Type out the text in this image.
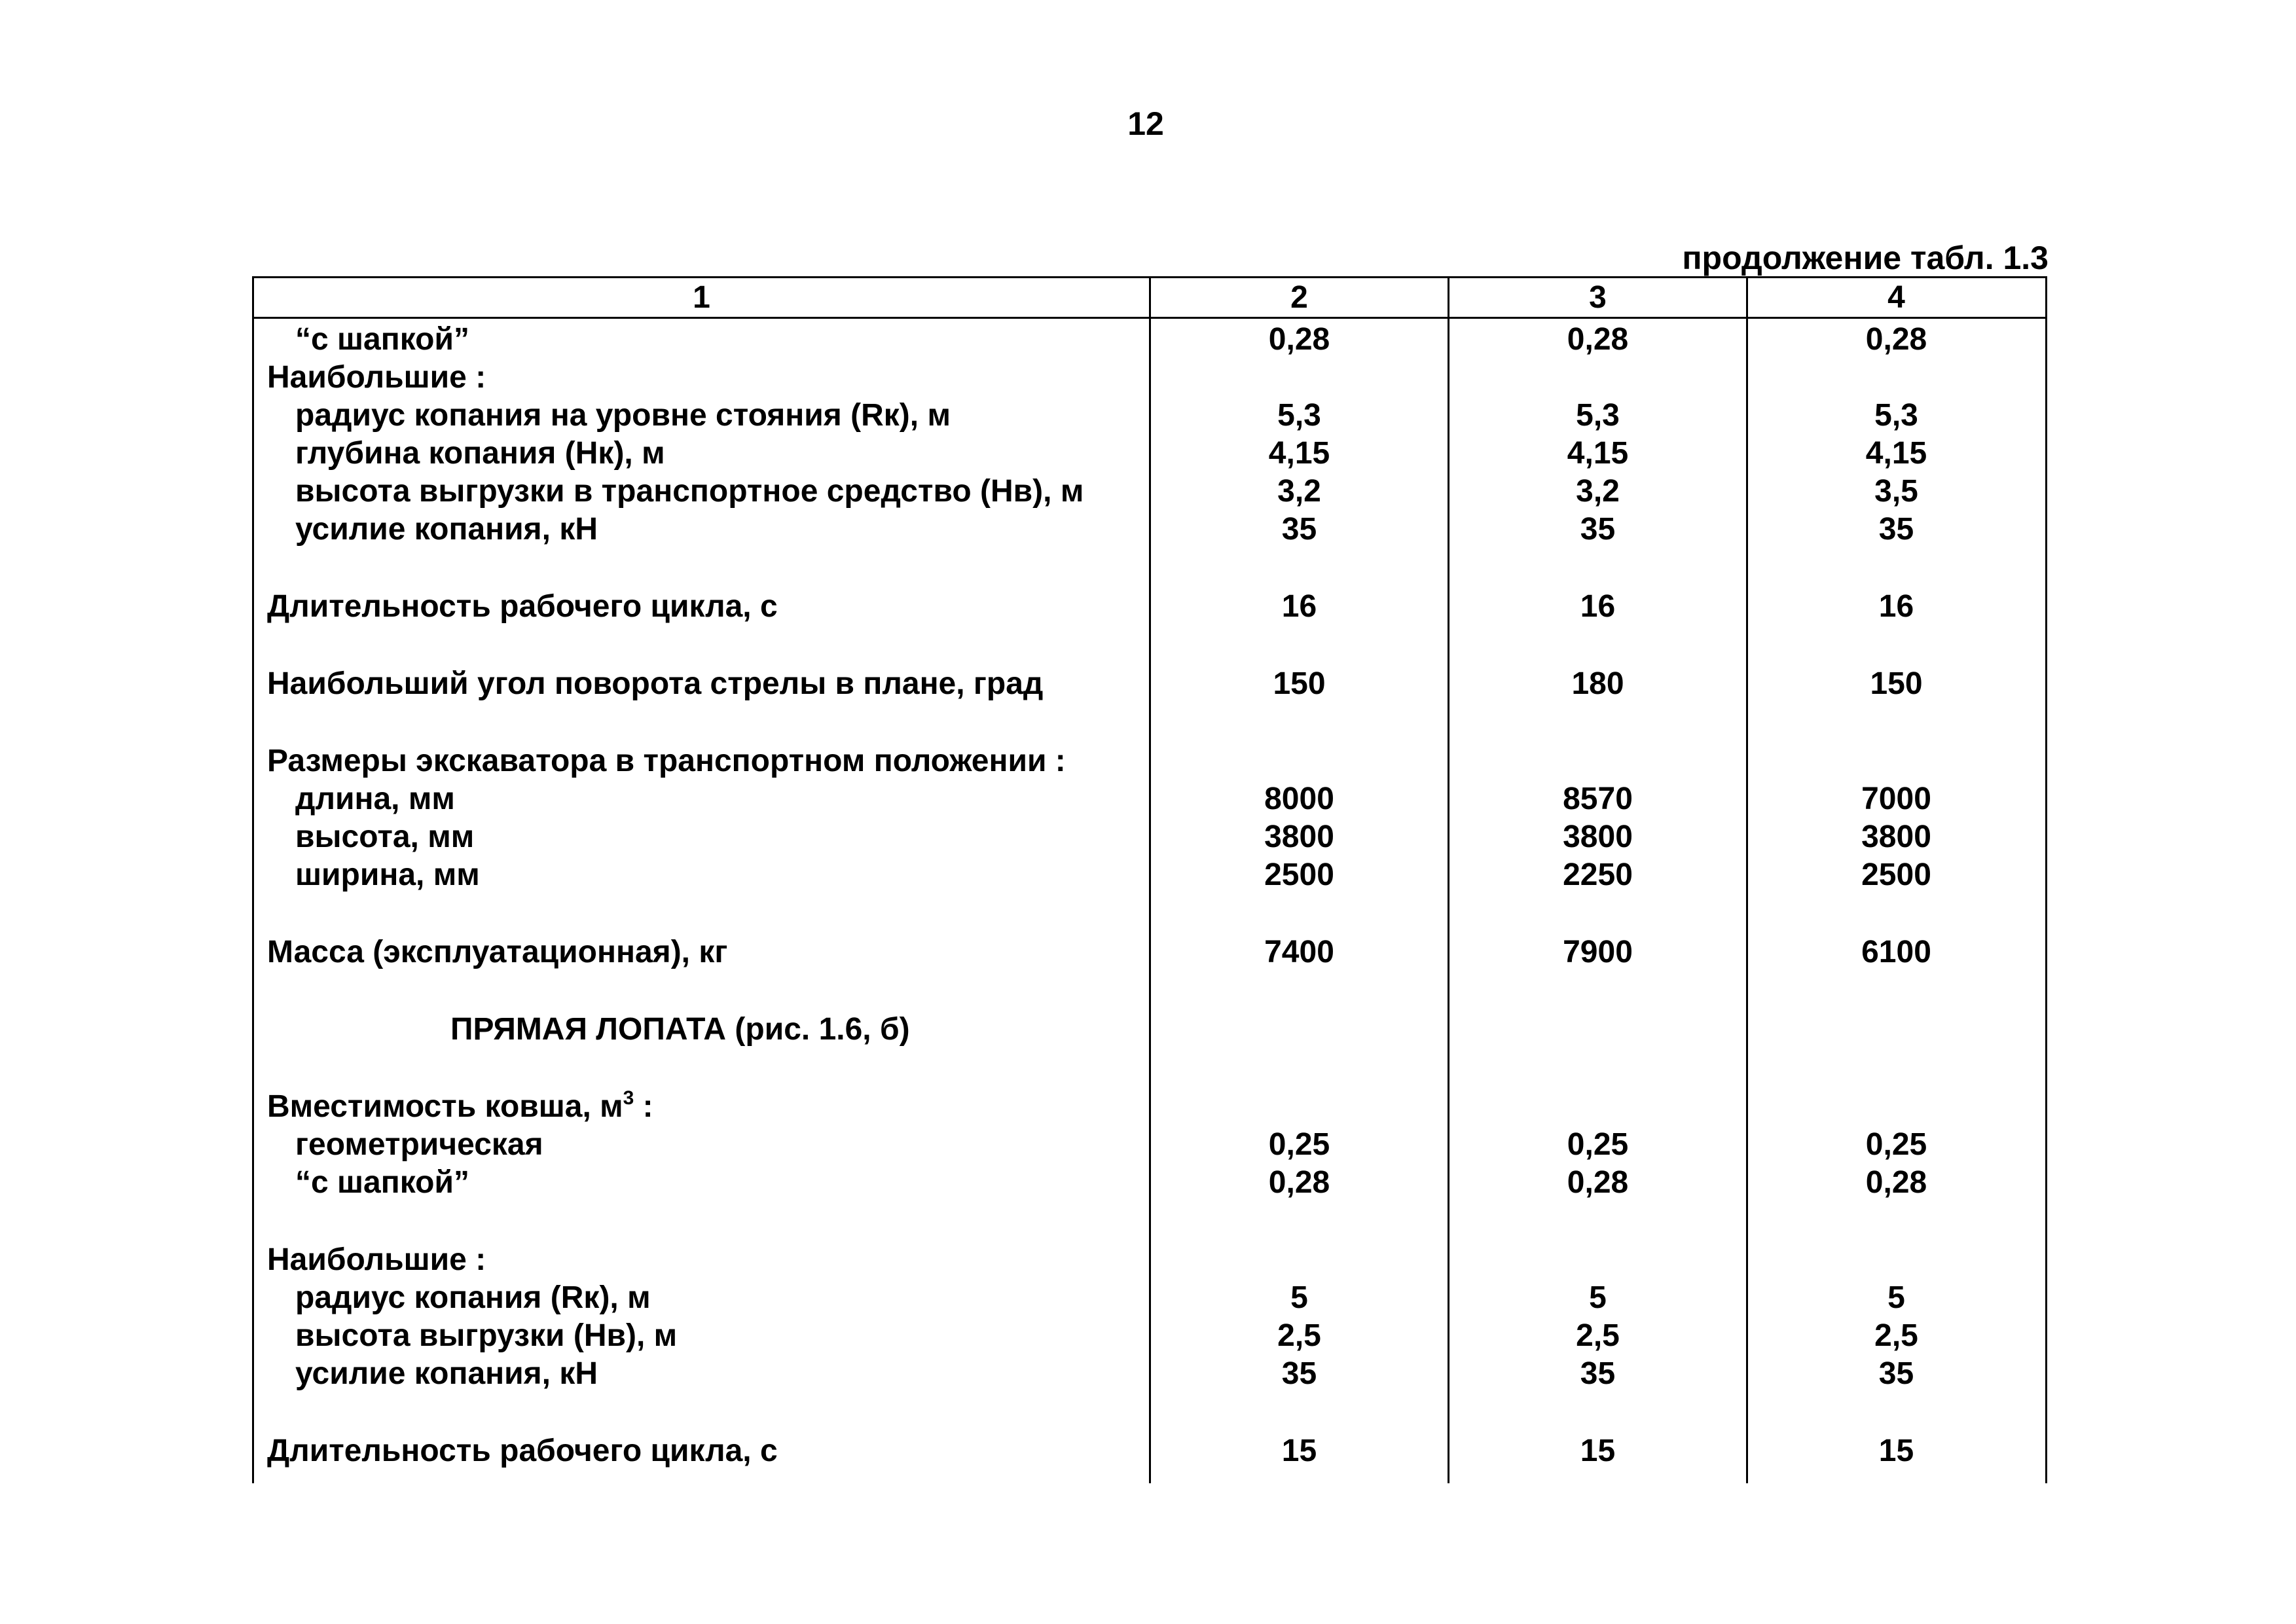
12
продолжение табл. 1.3
1	2	3	4
“с шапкой”	0,28	0,28	0,28
Наибольшие :
радиус копания на уровне стояния (Rк), м	5,3	5,3	5,3
глубина копания (Нк), м	4,15	4,15	4,15
высота выгрузки в транспортное средство (Нв), м	3,2	3,2	3,5
усилие копания, кН	35	35	35
Длительность рабочего цикла, с	16	16	16
Наибольший угол поворота стрелы в плане, град	150	180	150
Размеры экскаватора в транспортном положении :
длина, мм	8000	8570	7000
высота, мм	3800	3800	3800
ширина, мм	2500	2250	2500
Масса (эксплуатационная), кг	7400	7900	6100
ПРЯМАЯ ЛОПАТА (рис. 1.6, б)
Вместимость ковша, $м^3$ :
геометрическая	0,25	0,25	0,25
“с шапкой”	0,28	0,28	0,28
Наибольшие :
радиус копания (Rк), м	5	5	5
высота выгрузки (Нв), м	2,5	2,5	2,5
усилие копания, кН	35	35	35
Длительность рабочего цикла, с	15	15	15
